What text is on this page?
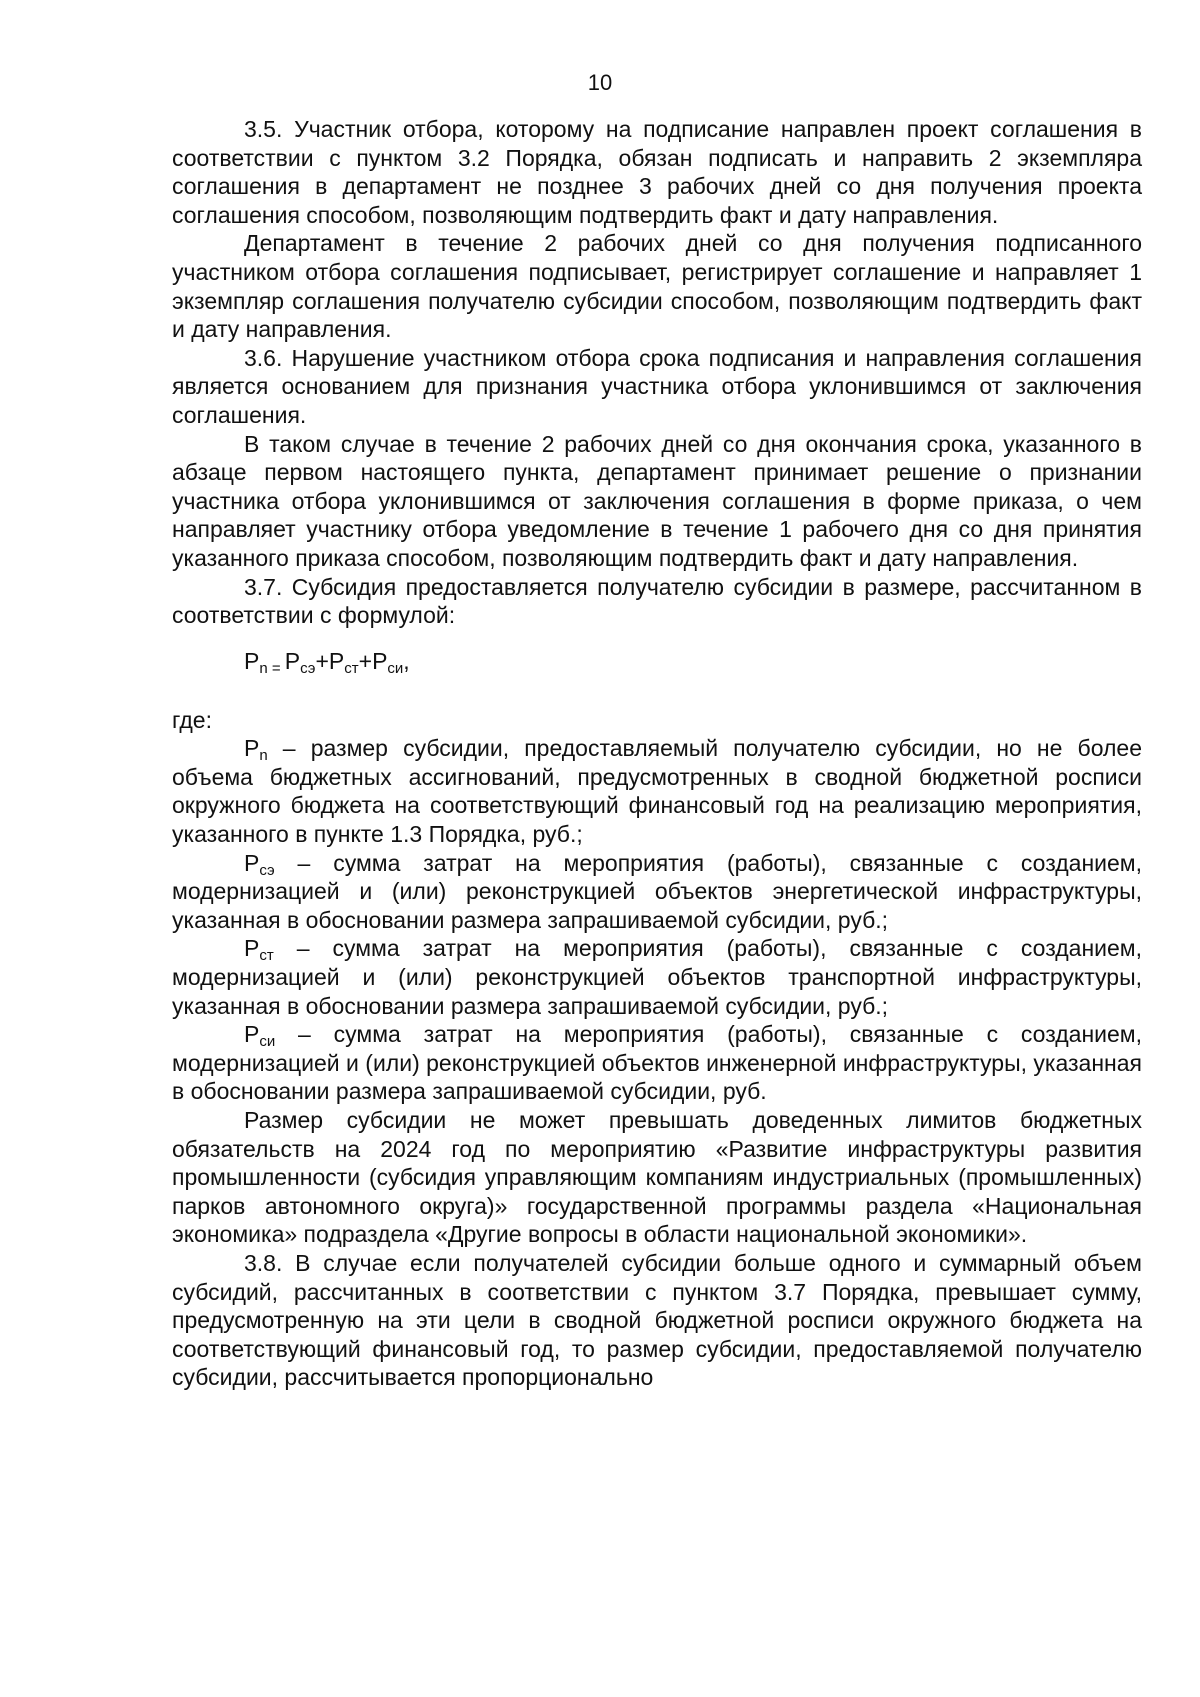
10

3.5. Участник отбора, которому на подписание направлен проект соглашения в соответствии с пунктом 3.2 Порядка, обязан подписать и направить 2 экземпляра соглашения в департамент не позднее 3 рабочих дней со дня получения проекта соглашения способом, позволяющим подтвердить факт и дату направления.

Департамент в течение 2 рабочих дней со дня получения подписанного участником отбора соглашения подписывает, регистрирует соглашение и направляет 1 экземпляр соглашения получателю субсидии способом, позволяющим подтвердить факт и дату направления.

3.6. Нарушение участником отбора срока подписания и направления соглашения является основанием для признания участника отбора уклонившимся от заключения соглашения.

В таком случае в течение 2 рабочих дней со дня окончания срока, указанного в абзаце первом настоящего пункта, департамент принимает решение о признании участника отбора уклонившимся от заключения соглашения в форме приказа, о чем направляет участнику отбора уведомление в течение 1 рабочего дня со дня принятия указанного приказа способом, позволяющим подтвердить факт и дату направления.

3.7. Субсидия предоставляется получателю субсидии в размере, рассчитанном в соответствии с формулой:

$P_n$ $_=$ $P_{сэ}+P_{ст}+P_{си}$,

где:

$P_n$ – размер субсидии, предоставляемый получателю субсидии, но не более объема бюджетных ассигнований, предусмотренных в сводной бюджетной росписи окружного бюджета на соответствующий финансовый год на реализацию мероприятия, указанного в пункте 1.3 Порядка, руб.;

$P_{сэ}$ – сумма затрат на мероприятия (работы), связанные с созданием, модернизацией и (или) реконструкцией объектов энергетической инфраструктуры, указанная в обосновании размера запрашиваемой субсидии, руб.;

$P_{ст}$ – сумма затрат на мероприятия (работы), связанные с созданием, модернизацией и (или) реконструкцией объектов транспортной инфраструктуры, указанная в обосновании размера запрашиваемой субсидии, руб.;

$P_{си}$ – сумма затрат на мероприятия (работы), связанные с созданием, модернизацией и (или) реконструкцией объектов инженерной инфраструктуры, указанная в обосновании размера запрашиваемой субсидии, руб.

Размер субсидии не может превышать доведенных лимитов бюджетных обязательств на 2024 год по мероприятию «Развитие инфраструктуры развития промышленности (субсидия управляющим компаниям индустриальных (промышленных) парков автономного округа)» государственной программы раздела «Национальная экономика» подраздела «Другие вопросы в области национальной экономики».

3.8. В случае если получателей субсидии больше одного и суммарный объем субсидий, рассчитанных в соответствии с пунктом 3.7 Порядка, превышает сумму, предусмотренную на эти цели в сводной бюджетной росписи окружного бюджета на соответствующий финансовый год, то размер субсидии, предоставляемой получателю субсидии, рассчитывается пропорционально
